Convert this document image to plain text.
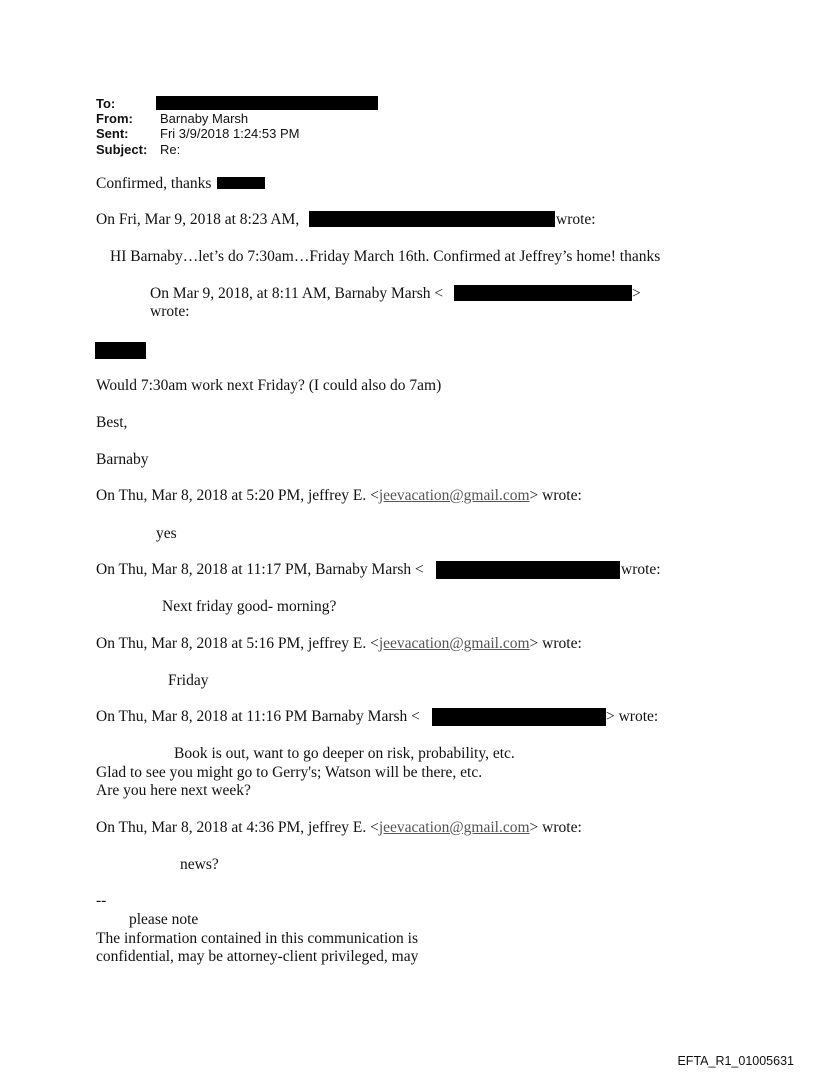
To:
From: Barnaby Marsh
Sent: Fri 3/9/2018 1:24:53 PM
Subject: Re:
Confirmed, thanks
On Fri, Mar 9, 2018 at 8:23 AM,	wrote:
HI Barnaby…let’s do 7:30am…Friday March 16th. Confirmed at Jeffrey’s home! thanks
On Mar 9, 2018, at 8:11 AM, Barnaby Marsh <	>
wrote:
Would 7:30am work next Friday? (I could also do 7am)
Best,
Barnaby
On Thu, Mar 8, 2018 at 5:20 PM, jeffrey E. <jeevacation@gmail.com> wrote:
yes
On Thu, Mar 8, 2018 at 11:17 PM, Barnaby Marsh <	wrote:
Next friday good- morning?
On Thu, Mar 8, 2018 at 5:16 PM, jeffrey E. <jeevacation@gmail.com> wrote:
Friday
On Thu, Mar 8, 2018 at 11:16 PM Barnaby Marsh <	> wrote:
Book is out, want to go deeper on risk, probability, etc.
Glad to see you might go to Gerry's; Watson will be there, etc.
Are you here next week?
On Thu, Mar 8, 2018 at 4:36 PM, jeffrey E. <jeevacation@gmail.com> wrote:
news?
--
please note
The information contained in this communication is
confidential, may be attorney-client privileged, may
EFTA_R1_01005631
